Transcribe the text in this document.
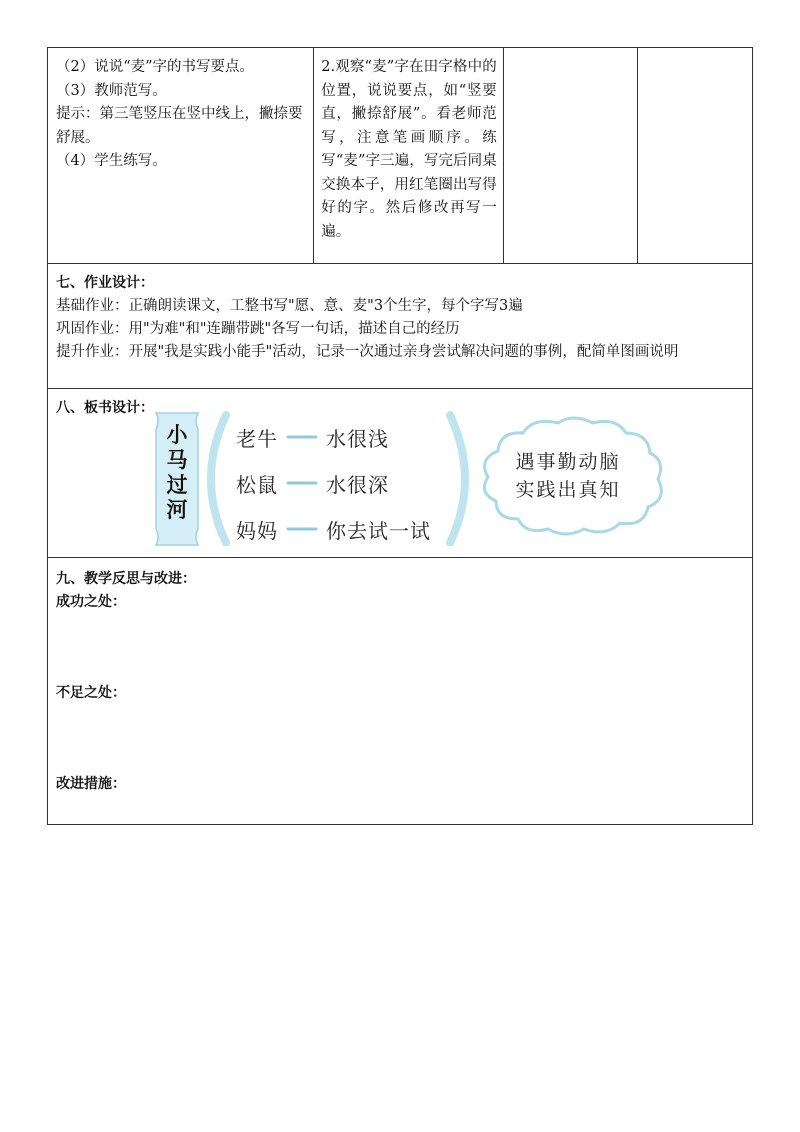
（2）说说“麦”字的书写要点。
（3）教师范写。
提示：第三笔竖压在竖中线上，撇捺要舒展。
（4）学生练写。
2.观察“麦”字在田字格中的位置，说说要点，如“竖要直，撇捺舒展”。看老师范写，注意笔画顺序。练写“麦”字三遍，写完后同桌交换本子，用红笔圈出写得好的字。然后修改再写一遍。
七、作业设计：
基础作业：正确朗读课文，工整书写"愿、意、麦"3个生字，每个字写3遍
巩固作业：用"为难"和"连蹦带跳"各写一句话，描述自己的经历
提升作业：开展"我是实践小能手"活动，记录一次通过亲身尝试解决问题的事例，配简单图画说明
八、板书设计：
小马过河
老牛 水很浅
松鼠 水很深
妈妈 你去试一试
遇事勤动脑
实践出真知
九、教学反思与改进：
成功之处：
不足之处：
改进措施：
